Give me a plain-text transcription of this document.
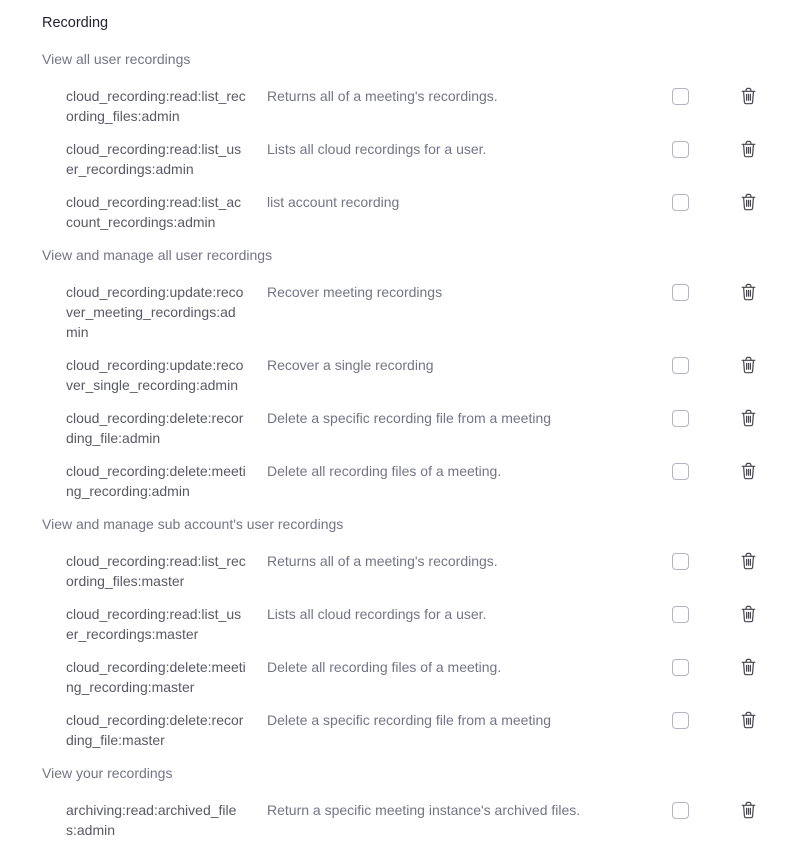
Recording
View all user recordings
cloud_recording:read:list_recording_files:admin
Returns all of a meeting's recordings.
cloud_recording:read:list_user_recordings:admin
Lists all cloud recordings for a user.
cloud_recording:read:list_account_recordings:admin
list account recording
View and manage all user recordings
cloud_recording:update:recover_meeting_recordings:admin
Recover meeting recordings
cloud_recording:update:recover_single_recording:admin
Recover a single recording
cloud_recording:delete:recording_file:admin
Delete a specific recording file from a meeting
cloud_recording:delete:meeting_recording:admin
Delete all recording files of a meeting.
View and manage sub account's user recordings
cloud_recording:read:list_recording_files:master
Returns all of a meeting's recordings.
cloud_recording:read:list_user_recordings:master
Lists all cloud recordings for a user.
cloud_recording:delete:meeting_recording:master
Delete all recording files of a meeting.
cloud_recording:delete:recording_file:master
Delete a specific recording file from a meeting
View your recordings
archiving:read:archived_files:admin
Return a specific meeting instance's archived files.
